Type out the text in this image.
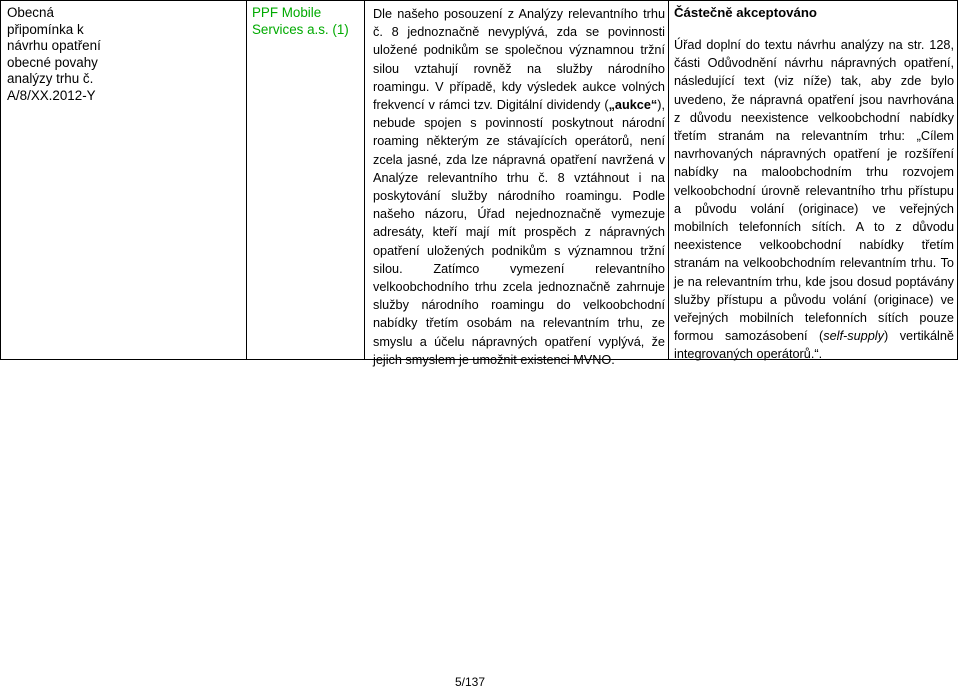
Obecná připomínka k návrhu opatření obecné povahy analýzy trhu č. A/8/XX.2012-Y
PPF Mobile Services a.s. (1)
Dle našeho posouzení z Analýzy relevantního trhu č. 8 jednoznačně nevyplývá, zda se povinnosti uložené podnikům se společnou významnou tržní silou vztahují rovněž na služby národního roamingu. V případě, kdy výsledek aukce volných frekvencí v rámci tzv. Digitální dividendy („aukce“), nebude spojen s povinností poskytnout národní roaming některým ze stávajících operátorů, není zcela jasné, zda lze nápravná opatření navržená v Analýze relevantního trhu č. 8 vztáhnout i na poskytování služby národního roamingu. Podle našeho názoru, Úřad nejednoznačně vymezuje adresáty, kteří mají mít prospěch z nápravných opatření uložených podnikům s významnou tržní silou. Zatímco vymezení relevantního velkoobchodního trhu zcela jednoznačně zahrnuje služby národního roamingu do velkoobchodní nabídky třetím osobám na relevantním trhu, ze smyslu a účelu nápravných opatření vyplývá, že jejich smyslem je umožnit existenci MVNO.
Částečně akceptováno
Úřad doplní do textu návrhu analýzy na str. 128, části Odůvodnění návrhu nápravných opatření, následující text (viz níže) tak, aby zde bylo uvedeno, že nápravná opatření jsou navrhována z důvodu neexistence velkoobchodní nabídky třetím stranám na relevantním trhu: „Cílem navrhovaných nápravných opatření je rozšíření nabídky na maloobchodním trhu rozvojem velkoobchodní úrovně relevantního trhu přístupu a původu volání (originace) ve veřejných mobilních telefonních sítích. A to z důvodu neexistence velkoobchodní nabídky třetím stranám na velkoobchodním relevantním trhu. To je na relevantním trhu, kde jsou dosud poptávány služby přístupu a původu volání (originace) ve veřejných mobilních telefonních sítích pouze formou samozásobení (self-supply) vertikálně integrovaných operátorů.“.
5/137
